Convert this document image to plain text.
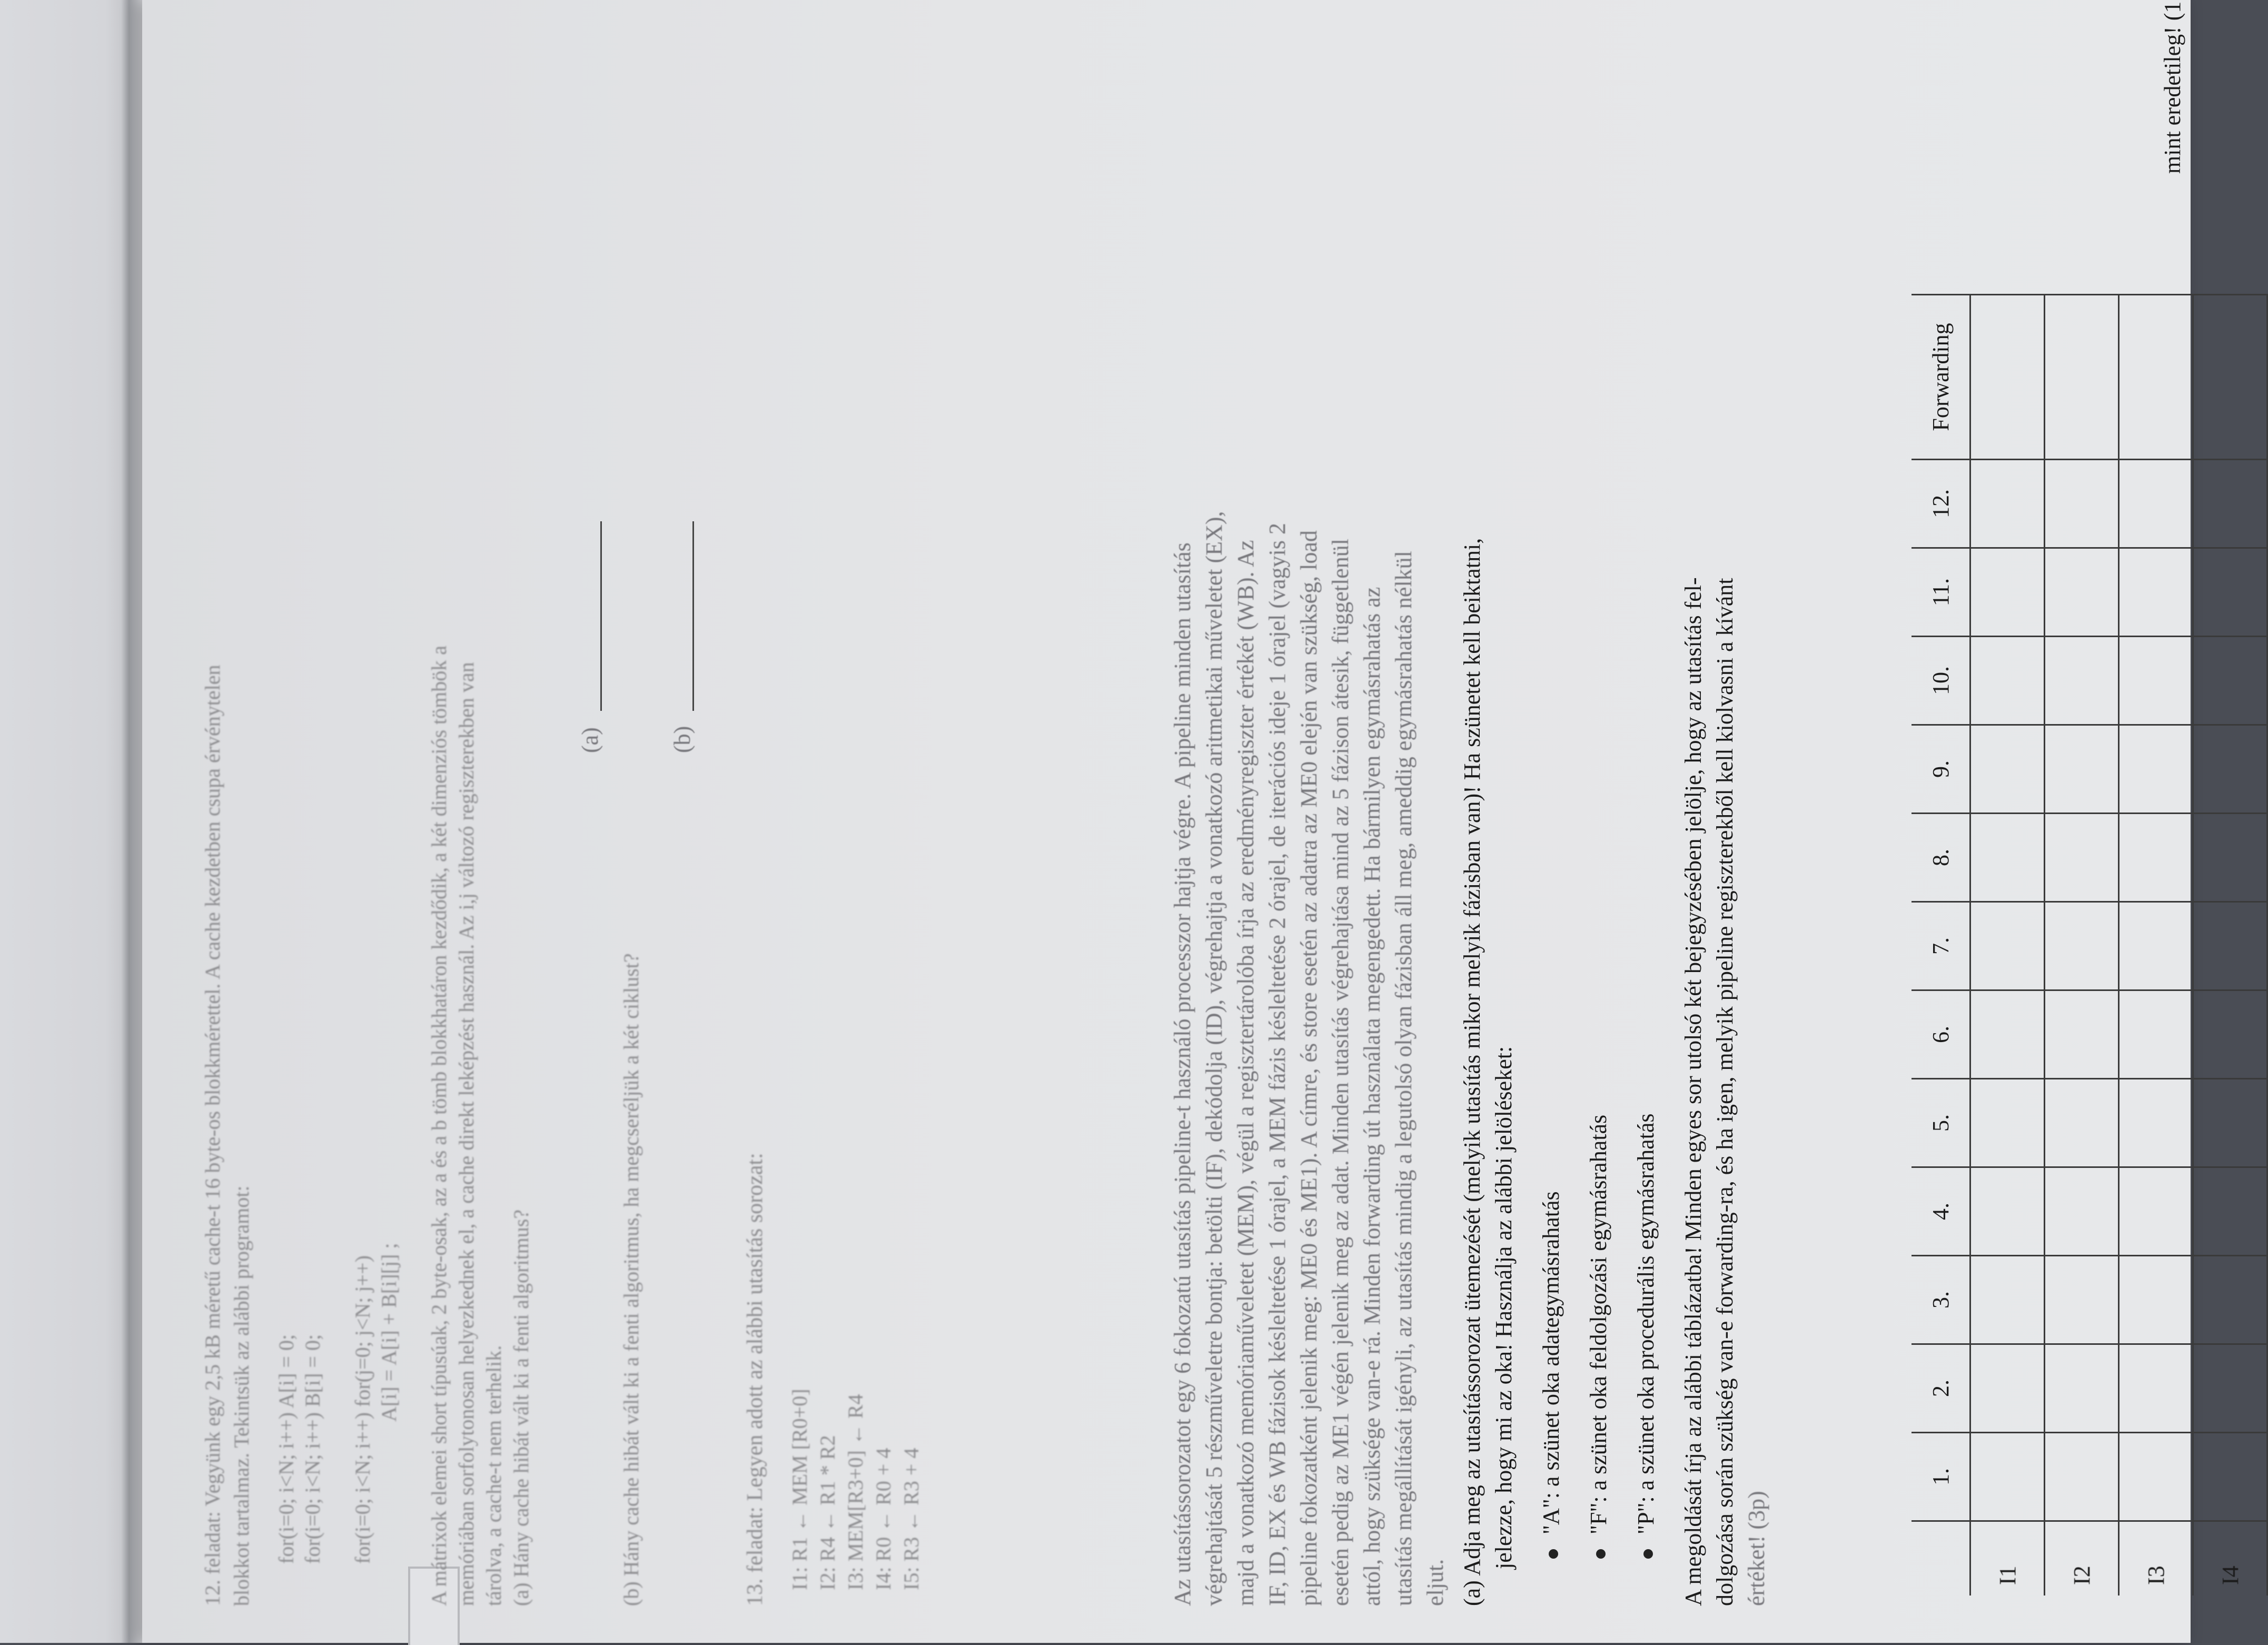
12. feladat: Vegyünk egy 2,5 kB méretű cache-t 16 byte-os blokkmérettel. A cache kezdetben csupa érvénytelen blokkot tartalmaz. Tekintsük az alábbi programot: for(i=0; i<N; i++) A[i] = 0; for(i=0; i<N; i++) B[i] = 0; for(i=0; i<N; i++) for(j=0; j<N; j++) A[i] = A[i] + B[i][j] ; A mátrixok elemei short típusúak, 2 byte-osak, az a és a b tömb blokkhatáron kezdődik, a két dimenziós tömbök a memóriában sorfolytonosan helyezkednek el, a cache direkt leképzést használ. Az i,j változó regiszterekben van tárolva, a cache-t nem terhelik. (a) Hány cache hibát vált ki a fenti algoritmus?
(a)
(b) Hány cache hibát vált ki a fenti algoritmus, ha megcseréljük a két ciklust?
(b)
13. feladat: Legyen adott az alábbi utasítás sorozat: I1: R1 ← MEM [R0+0] I2: R4 ← R1 * R2 I3: MEM[R3+0] ← R4 I4: R0 ← R0 + 4 I5: R3 ← R3 + 4	Az utasítássorozatot egy 6 fokozatú utasítás pipeline-t használó processzor hajtja végre. A pipeline minden utasítás végrehajtását 5 részműveletre bontja: betölti (IF), dekódolja (ID), végrehajtja a vonatkozó aritmetikai műveletet (EX), majd a vonatkozó memóriaműveletet (MEM), végül a regisztertárolóba írja az eredményregiszter értékét (WB). Az IF, ID, EX és WB fázisok késleltetése 1 órajel, a MEM fázis késleltetése 2 órajel, de iterációs ideje 1 órajel (vagyis 2 pipeline fokozatként jelenik meg: ME0 és ME1). A címre, és store esetén az adatra az ME0 elején van szükség, load esetén pedig az ME1 végén jelenik meg az adat. Minden utasítás végrehajtása mind az 5 fázison átesik, függetlenül attól, hogy szüksége van-e rá. Minden forwarding út használata megengedett. Ha bármilyen egymásrahatás az utasítás megállítását igényli, az utasítás mindig a legutolsó olyan fázisban áll meg, ameddig egymásrahatás nélkül eljut. (a) Adja meg az utasítássorozat ütemezését (melyik utasítás mikor melyik fázisban van)! Ha szünetet kell beiktatni, jelezze, hogy mi az oka! Használja az alábbi jelöléseket: "A": a szünet oka adategymásrahatás "F": a szünet oka feldolgozási egymásrahatás "P": a szünet oka procedurális egymásrahatás A megoldását írja az alábbi táblázatba! Minden egyes sor utolsó két bejegyzésében jelölje, hogy az utasítás fel- dolgozása során szükség van-e forwarding-ra, és ha igen, melyik pipeline regiszterekből kell kiolvasni a kívánt értéket! (3p)
	1.	2.	3.	4.	5.	6.	7.	8.	9.	10.	11.	12.	Forwarding
I1													
I2													
I3													
I4													
mint eredetileg! (1
